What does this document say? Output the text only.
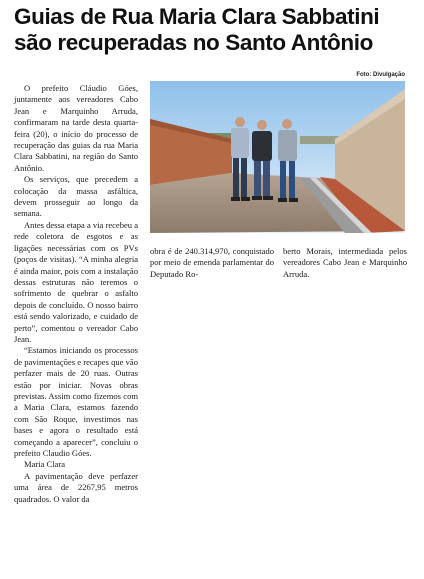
Guias de Rua Maria Clara Sabbatini
são recuperadas no Santo Antônio
Foto: Divulgação

O prefeito Cláudio Góes, juntamente aos vereadores Cabo Jean e Marquinho Arruda, confirmaram na tarde desta quarta-feira (20), o início do processo de recuperação das guias da rua Maria Clara Sabbatini, na região do Santo Antônio.

Os serviços, que precedem a colocação da massa asfáltica, devem prosseguir ao longo da semana.

Antes dessa etapa a via recebeu a rede coletora de esgotos e as ligações necessárias com os PVs (poços de visitas). “A minha alegria é ainda maior, pois com a instalação dessas estruturas não teremos o sofrimento de quebrar o asfalto depois de concluído. O nosso bairro está sendo valorizado, e cuidado de perto”, comentou o vereador Cabo Jean.

“Estamos iniciando os processos de pavimentações e recapes que vão perfazer mais de 20 ruas. Outras estão por iniciar. Novas obras previstas. Assim como fizemos com a Maria Clara, estamos fazendo com São Roque, investimos nas bases e agora o resultado está começando a aparecer”, concluiu o prefeito Claudio Góes.

Maria Clara

A pavimentação deve perfazer uma área de 2267,95 metros quadrados. O valor da

obra é de 240.314,970, conquistado por meio de emenda parlamentar do Deputado Ro-

berto Morais, intermediada pelos vereadores Cabo Jean e Marquinho Arruda.
